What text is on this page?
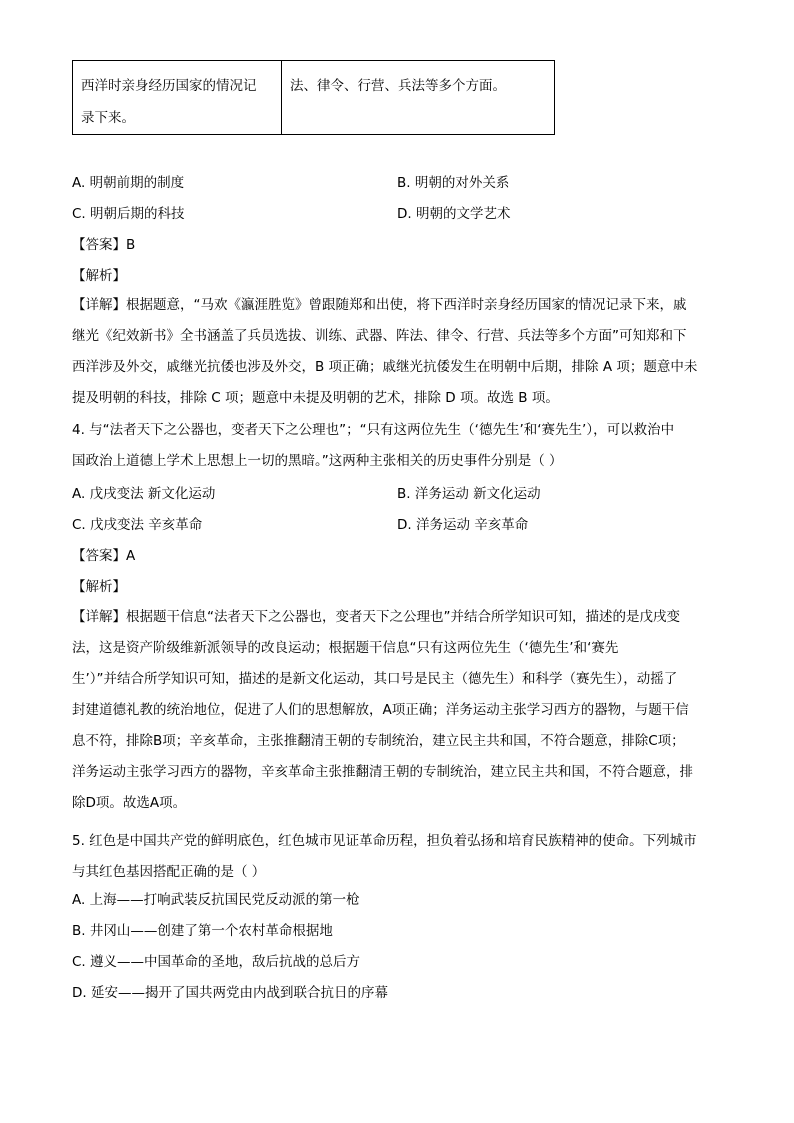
西洋时亲身经历国家的情况记
录下来。	法、律令、行营、兵法等多个方面。
A. 明朝前期的制度	B. 明朝的对外关系
C. 明朝后期的科技	D. 明朝的文学艺术
【答案】B
【解析】
【详解】根据题意，“马欢《瀛涯胜览》曾跟随郑和出使，将下西洋时亲身经历国家的情况记录下来，戚
继光《纪效新书》全书涵盖了兵员选拔、训练、武器、阵法、律令、行营、兵法等多个方面”可知郑和下
西洋涉及外交，戚继光抗倭也涉及外交，B 项正确；戚继光抗倭发生在明朝中后期，排除 A 项；题意中未
提及明朝的科技，排除 C 项；题意中未提及明朝的艺术，排除 D 项。故选 B 项。
4. 与“法者天下之公器也，变者天下之公理也”；“只有这两位先生（‘德先生’和‘赛先生’），可以救治中
国政治上道德上学术上思想上一切的黑暗。”这两种主张相关的历史事件分别是（ ）
A. 戊戌变法 新文化运动	B. 洋务运动 新文化运动
C. 戊戌变法 辛亥革命	D. 洋务运动 辛亥革命
【答案】A
【解析】
【详解】根据题干信息“法者天下之公器也，变者天下之公理也”并结合所学知识可知，描述的是戊戌变
法，这是资产阶级维新派领导的改良运动；根据题干信息“只有这两位先生（‘德先生’和‘赛先
生’）”并结合所学知识可知，描述的是新文化运动，其口号是民主（德先生）和科学（赛先生），动摇了
封建道德礼教的统治地位，促进了人们的思想解放，A项正确；洋务运动主张学习西方的器物，与题干信
息不符，排除B项；辛亥革命，主张推翻清王朝的专制统治，建立民主共和国，不符合题意，排除C项；
洋务运动主张学习西方的器物，辛亥革命主张推翻清王朝的专制统治，建立民主共和国，不符合题意，排
除D项。故选A项。
5. 红色是中国共产党的鲜明底色，红色城市见证革命历程，担负着弘扬和培育民族精神的使命。下列城市
与其红色基因搭配正确的是（ ）
A. 上海——打响武装反抗国民党反动派的第一枪
B. 井冈山——创建了第一个农村革命根据地
C. 遵义——中国革命的圣地，敌后抗战的总后方
D. 延安——揭开了国共两党由内战到联合抗日的序幕
